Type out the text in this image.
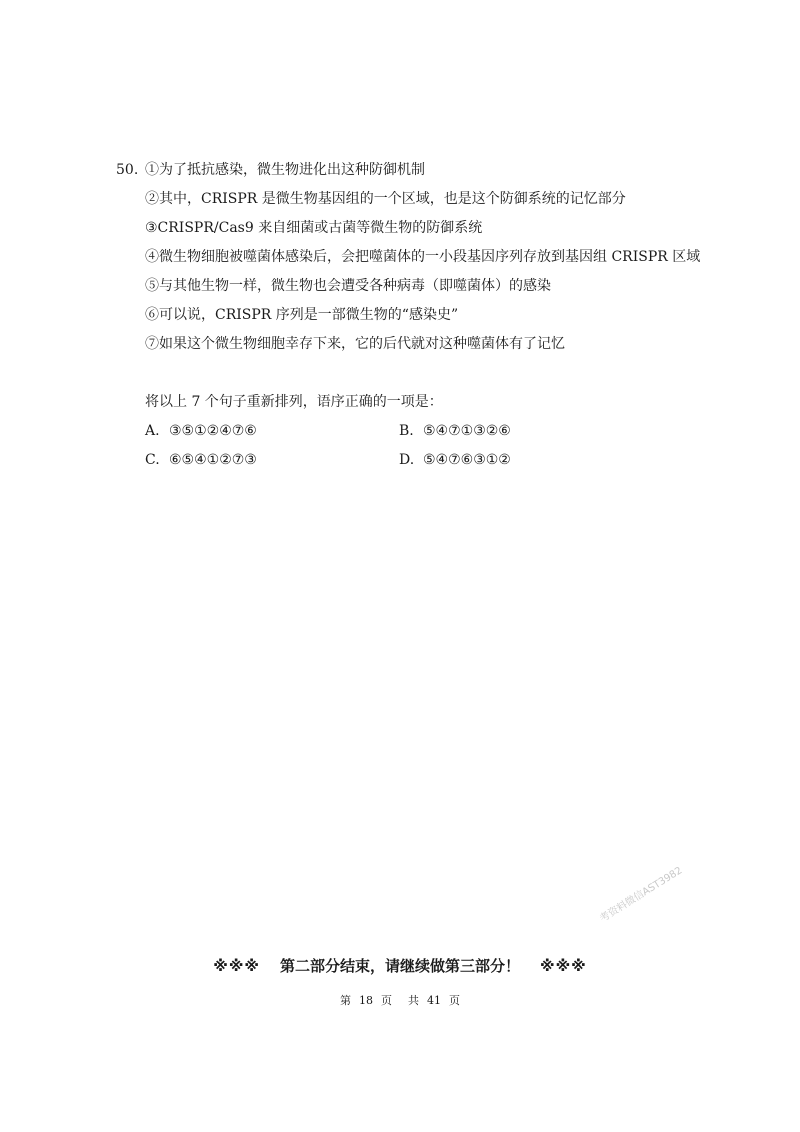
50. ①为了抵抗感染，微生物进化出这种防御机制
②其中，CRISPR 是微生物基因组的一个区域，也是这个防御系统的记忆部分
③CRISPR/Cas9 来自细菌或古菌等微生物的防御系统
④微生物细胞被噬菌体感染后，会把噬菌体的一小段基因序列存放到基因组 CRISPR 区域
⑤与其他生物一样，微生物也会遭受各种病毒（即噬菌体）的感染
⑥可以说，CRISPR 序列是一部微生物的“感染史”
⑦如果这个微生物细胞幸存下来，它的后代就对这种噬菌体有了记忆
将以上 7 个句子重新排列，语序正确的一项是：
A. ③⑤①②④⑦⑥	B. ⑤④⑦①③②⑥
C. ⑥⑤④①②⑦③	D. ⑤④⑦⑥③①②
考资料微信AST3982
※※※ 第二部分结束，请继续做第三部分！ ※※※
第 18 页 共 41 页
